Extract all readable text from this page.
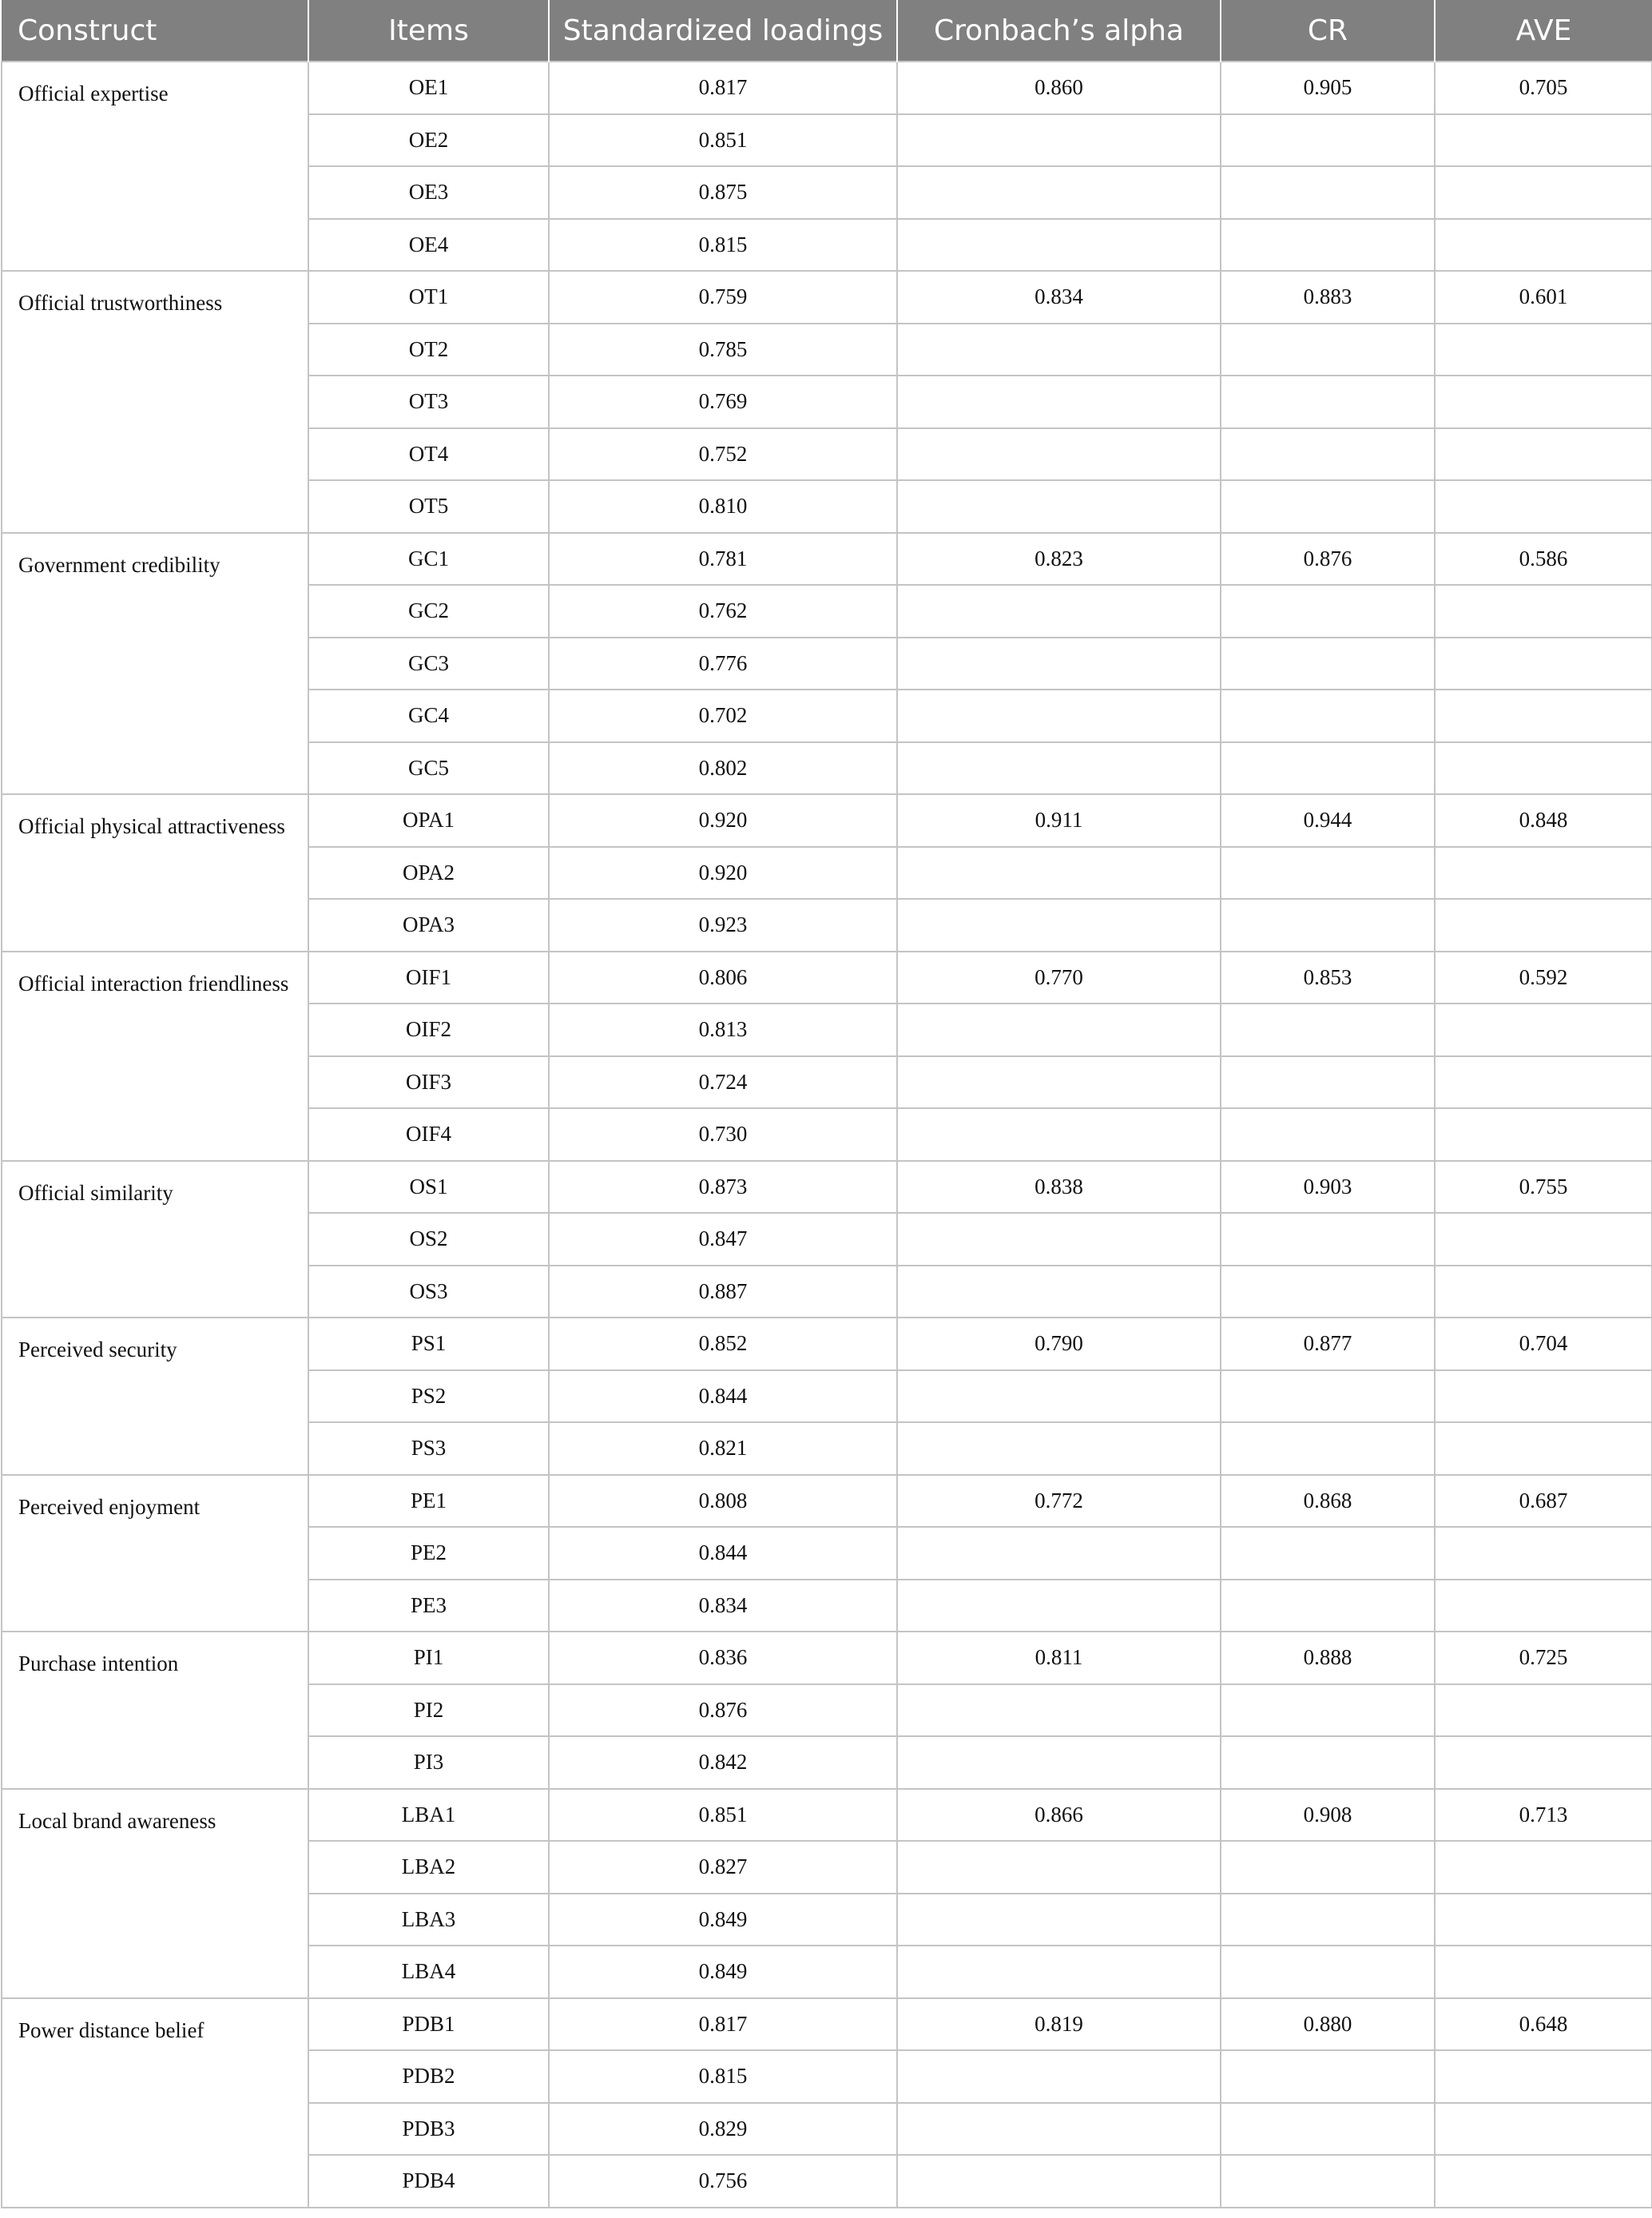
Construct	Items	Standardized loadings	Cronbach’s alpha	CR	AVE

Official expertise	OE1	0.817	0.860	0.905	0.705
	OE2	0.851			
	OE3	0.875			
	OE4	0.815			

Official trustworthiness	OT1	0.759	0.834	0.883	0.601
	OT2	0.785			
	OT3	0.769			
	OT4	0.752			
	OT5	0.810			

Government credibility	GC1	0.781	0.823	0.876	0.586
	GC2	0.762			
	GC3	0.776			
	GC4	0.702			
	GC5	0.802			

Official physical attractiveness	OPA1	0.920	0.911	0.944	0.848
	OPA2	0.920			
	OPA3	0.923			

Official interaction friendliness	OIF1	0.806	0.770	0.853	0.592
	OIF2	0.813			
	OIF3	0.724			
	OIF4	0.730			

Official similarity	OS1	0.873	0.838	0.903	0.755
	OS2	0.847			
	OS3	0.887			

Perceived security	PS1	0.852	0.790	0.877	0.704
	PS2	0.844			
	PS3	0.821			

Perceived enjoyment	PE1	0.808	0.772	0.868	0.687
	PE2	0.844			
	PE3	0.834			

Purchase intention	PI1	0.836	0.811	0.888	0.725
	PI2	0.876			
	PI3	0.842			

Local brand awareness	LBA1	0.851	0.866	0.908	0.713
	LBA2	0.827			
	LBA3	0.849			
	LBA4	0.849			

Power distance belief	PDB1	0.817	0.819	0.880	0.648
	PDB2	0.815			
	PDB3	0.829			
	PDB4	0.756			
